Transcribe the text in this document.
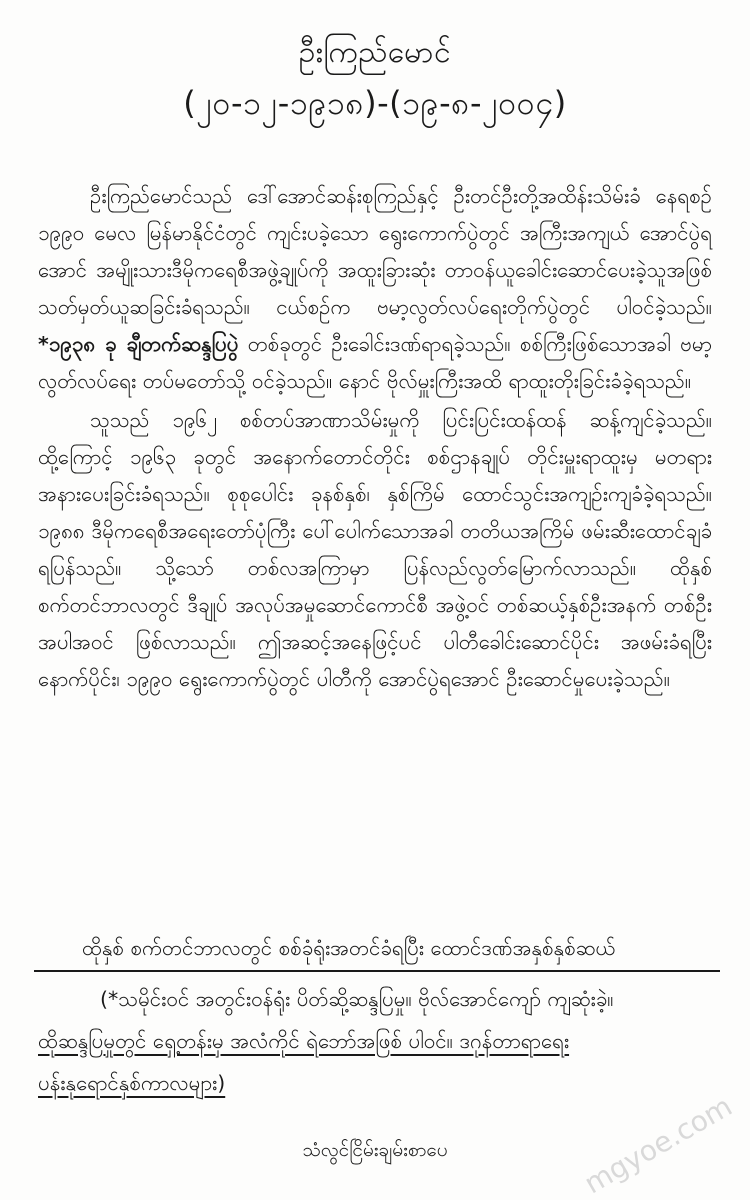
ဦးကြည်မောင်
(၂၀-၁၂-၁၉၁၈)-(၁၉-၈-၂၀၀၄)

ဦးကြည်မောင်သည် ဒေါ်အောင်ဆန်းစုကြည်နှင့် ဦးတင်ဦးတို့အထိန်းသိမ်းခံ နေရစဉ် ၁၉၉၀ မေလ မြန်မာနိုင်ငံတွင် ကျင်းပခဲ့သော ရွေးကောက်ပွဲတွင် အကြီးအကျယ် အောင်ပွဲရအောင် အမျိုးသားဒီမိုကရေစီအဖွဲ့ချုပ်ကို အထူးခြားဆုံး တာဝန်ယူခေါင်းဆောင်ပေးခဲ့သူအဖြစ် သတ်မှတ်ယူဆခြင်းခံရသည်။ ငယ်စဉ်က ဗမာ့လွတ်လပ်ရေးတိုက်ပွဲတွင် ပါဝင်ခဲ့သည်။ *၁၉၃၈ ခု ချီတက်ဆန္ဒပြပွဲ တစ်ခုတွင် ဦးခေါင်းဒဏ်ရာရခဲ့သည်။ စစ်ကြီးဖြစ်သောအခါ ဗမာ့လွတ်လပ်ရေး တပ်မတော်သို့ ဝင်ခဲ့သည်။ နောင် ဗိုလ်မှူးကြီးအထိ ရာထူးတိုးခြင်းခံခဲ့ရသည်။

သူသည် ၁၉၆၂ စစ်တပ်အာဏာသိမ်းမှုကို ပြင်းပြင်းထန်ထန် ဆန့်ကျင်ခဲ့သည်။ ထို့ကြောင့် ၁၉၆၃ ခုတွင် အနောက်တောင်တိုင်း စစ်ဌာနချုပ် တိုင်းမှူးရာထူးမှ မတရားအနားပေးခြင်းခံရသည်။ စုစုပေါင်း ခုနစ်နှစ်၊ နှစ်ကြိမ် ထောင်သွင်းအကျဉ်းကျခံခဲ့ရသည်။ ၁၉၈၈ ဒီမိုကရေစီအရေးတော်ပုံကြီး ပေါ်ပေါက်သောအခါ တတိယအကြိမ် ဖမ်းဆီးထောင်ချခံရပြန်သည်။ သို့သော် တစ်လအကြာမှာ ပြန်လည်လွတ်မြောက်လာသည်။ ထိုနှစ် စက်တင်ဘာလတွင် ဒီချုပ် အလုပ်အမှုဆောင်ကောင်စီ အဖွဲ့ဝင် တစ်ဆယ့်နှစ်ဦးအနက် တစ်ဦးအပါအဝင် ဖြစ်လာသည်။ ဤအဆင့်အနေဖြင့်ပင် ပါတီခေါင်းဆောင်ပိုင်း အဖမ်းခံရပြီးနောက်ပိုင်း၊ ၁၉၉၀ ရွေးကောက်ပွဲတွင် ပါတီကို အောင်ပွဲရအောင် ဦးဆောင်မှုပေးခဲ့သည်။

ထိုနှစ် စက်တင်ဘာလတွင် စစ်ခုံရုံးအတင်ခံရပြီး ထောင်ဒဏ်အနှစ်နှစ်ဆယ်
(*သမိုင်းဝင် အတွင်းဝန်ရုံး ပိတ်ဆို့ဆန္ဒပြမှု။ ဗိုလ်အောင်ကျော် ကျဆုံးခဲ့။
ထိုဆန္ဒပြမှုတွင် ရှေ့တန်းမှ အလံကိုင် ရဲဘော်အဖြစ် ပါဝင်။ ဒဂုန်တာရာရေး
ပန်းနုရောင်နှစ်ကာလများ)
သံလွင်ငြိမ်းချမ်းစာပေ	mgyoe.com
